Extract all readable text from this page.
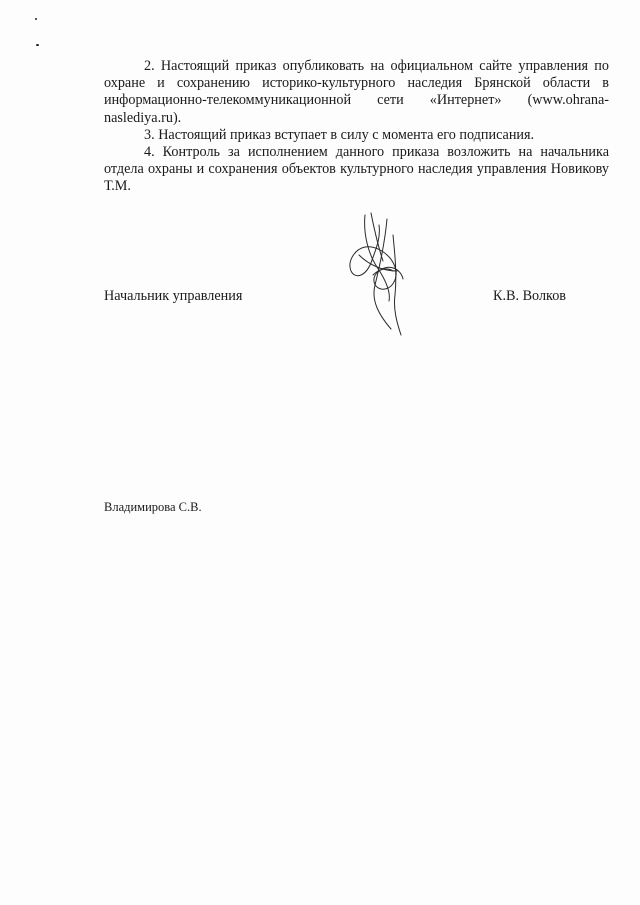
2. Настоящий приказ опубликовать на официальном сайте управления по охране и сохранению историко-культурного наследия Брянской области в информационно-телекоммуникационной сети «Интернет» (www.ohrana-naslediya.ru).

3. Настоящий приказ вступает в силу с момента его подписания.

4. Контроль за исполнением данного приказа возложить на начальника отдела охраны и сохранения объектов культурного наследия управления Новикову Т.М.

Начальник управления	К.В. Волков
Владимирова С.В.
